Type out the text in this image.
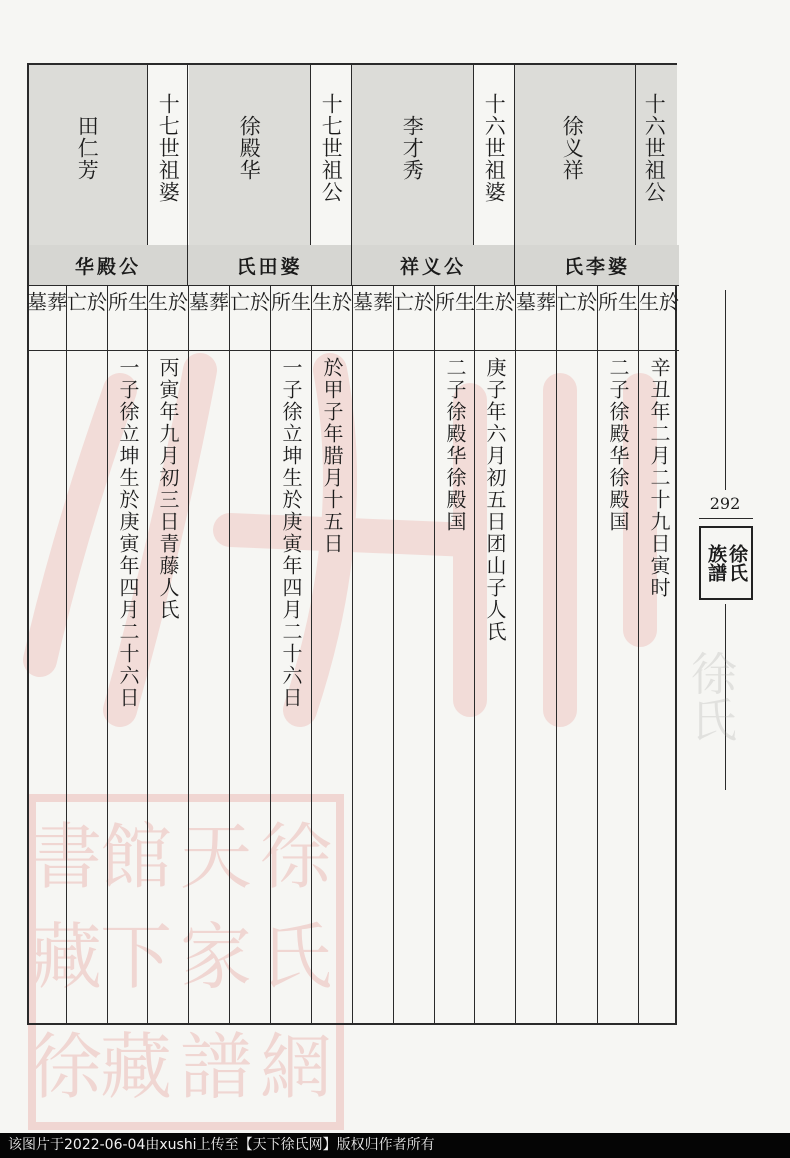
徐
氏
網
天
家
譜
館
下
藏
書
藏
徐
十六世祖公
徐义祥
氏李婆
生於
所生
亡於
墓葬
辛丑年二月二十九日寅时
二子徐殿华徐殿国
十六世祖婆
李才秀
祥义公
生於
所生
亡於
墓葬
庚子年六月初五日团山子人氏
二子徐殿华徐殿国
十七世祖公
徐殿华
氏田婆
生於
所生
亡於
墓葬
於甲子年腊月十五日
一子徐立坤生於庚寅年四月二十六日
十七世祖婆
田仁芳
华殿公
生於
所生
亡於
墓葬
丙寅年九月初三日青藤人氏
一子徐立坤生於庚寅年四月二十六日	292
徐
氏
族
譜
徐氏
该图片于2022-06-04由xushi上传至【天下徐氏网】版权归作者所有
